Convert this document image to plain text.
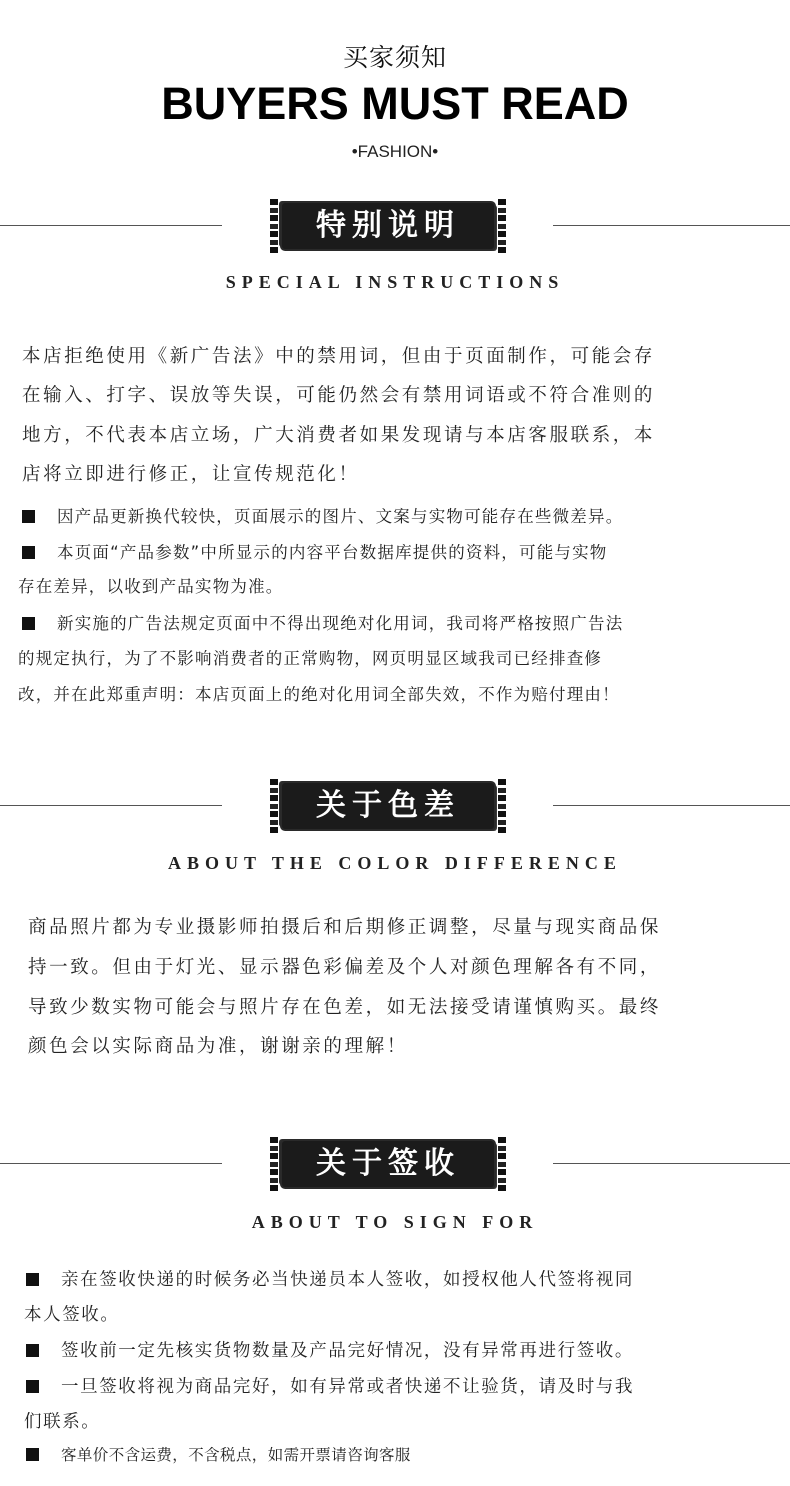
买家须知
BUYERS MUST READ
•FASHION•
特别说明
SPECIAL INSTRUCTIONS

本店拒绝使用《新广告法》中的禁用词，但由于页面制作，可能会存

在输入、打字、误放等失误，可能仍然会有禁用词语或不符合准则的

地方，不代表本店立场，广大消费者如果发现请与本店客服联系，本

店将立即进行修正，让宣传规范化！

因产品更新换代较快，页面展示的图片、文案与实物可能存在些微差异。

本页面“产品参数”中所显示的内容平台数据库提供的资料，可能与实物

存在差异，以收到产品实物为准。

新实施的广告法规定页面中不得出现绝对化用词，我司将严格按照广告法

的规定执行，为了不影响消费者的正常购物，网页明显区域我司已经排查修

改，并在此郑重声明：本店页面上的绝对化用词全部失效，不作为赔付理由！

关于色差
ABOUT THE COLOR DIFFERENCE

商品照片都为专业摄影师拍摄后和后期修正调整，尽量与现实商品保

持一致。但由于灯光、显示器色彩偏差及个人对颜色理解各有不同，

导致少数实物可能会与照片存在色差，如无法接受请谨慎购买。最终

颜色会以实际商品为准，谢谢亲的理解！

关于签收
ABOUT TO SIGN FOR

亲在签收快递的时候务必当快递员本人签收，如授权他人代签将视同

本人签收。

签收前一定先核实货物数量及产品完好情况，没有异常再进行签收。

一旦签收将视为商品完好，如有异常或者快递不让验货，请及时与我

们联系。

客单价不含运费，不含税点，如需开票请咨询客服
